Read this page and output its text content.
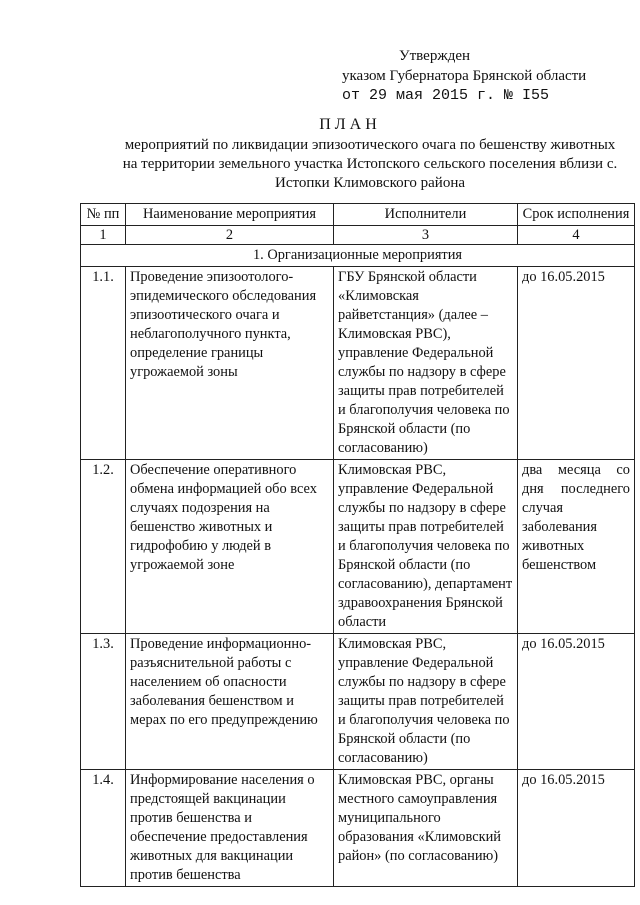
Утвержден
указом Губернатора Брянской области
от 29 мая 2015 г. № I55
ПЛАН
мероприятий по ликвидации эпизоотического очага по бешенству животных на территории земельного участка Истопского сельского поселения вблизи с. Истопки Климовского района
№ пп	Наименование мероприятия	Исполнители	Срок исполнения
1	2	3	4
1. Организационные мероприятия			
1.1.	Проведение эпизоотолого-эпидемического обследования эпизоотического очага и неблагополучного пункта, определение границы угрожаемой зоны	ГБУ Брянской области «Климовская райветстанция» (далее – Климовская РВС), управление Федеральной службы по надзору в сфере защиты прав потребителей и благополучия человека по Брянской области (по согласованию)	до 16.05.2015
1.2.	Обеспечение оперативного обмена информацией обо всех случаях подозрения на бешенство животных и гидрофобию у людей в угрожаемой зоне	Климовская РВС, управление Федеральной службы по надзору в сфере защиты прав потребителей и благополучия человека по Брянской области (по согласованию), департамент здравоохранения Брянской области	два месяца со дня последнего случая заболевания животных бешенством
1.3.	Проведение информационно-разъяснительной работы с населением об опасности заболевания бешенством и мерах по его предупреждению	Климовская РВС, управление Федеральной службы по надзору в сфере защиты прав потребителей и благополучия человека по Брянской области (по согласованию)	до 16.05.2015
1.4.	Информирование населения о предстоящей вакцинации против бешенства и обеспечение предоставления животных для вакцинации против бешенства	Климовская РВС, органы местного самоуправления муниципального образования «Климовский район» (по согласованию)	до 16.05.2015
